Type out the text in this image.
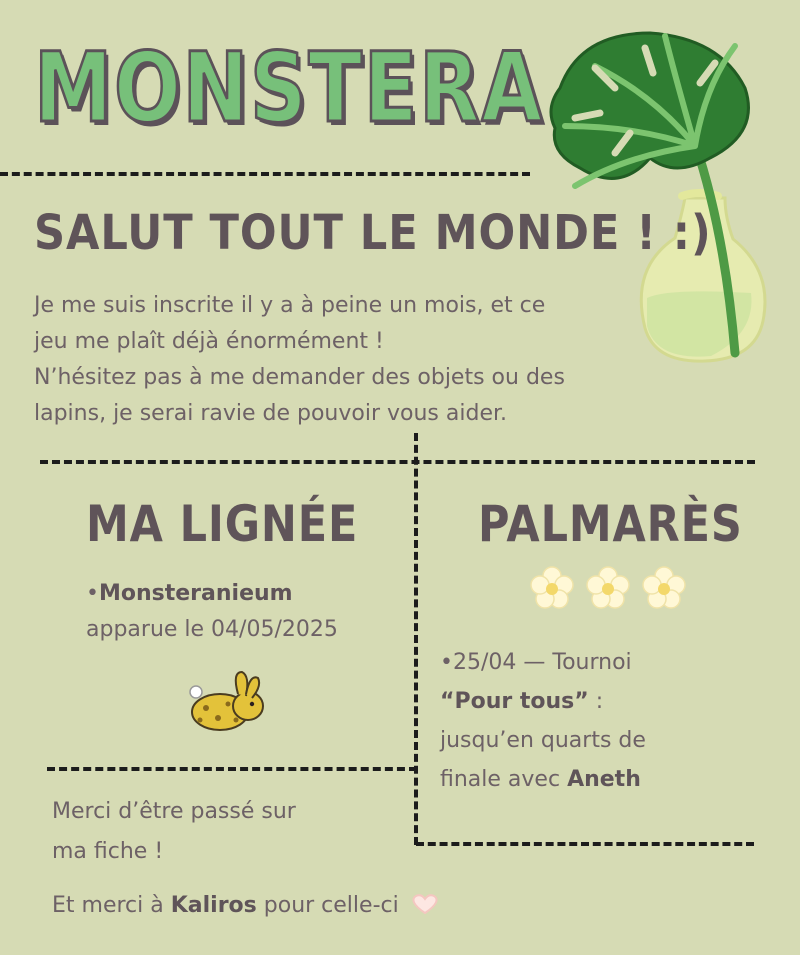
MONSTERA
SALUT TOUT LE MONDE ! :)
Je me suis inscrite il y a à peine un mois, et ce
jeu me plaît déjà énormément !
N’hésitez pas à me demander des objets ou des
lapins, je serai ravie de pouvoir vous aider.
MA LIGNÉE
•Monsteranieum
apparue le 04/05/2025
PALMARÈS
•25/04 — Tournoi
“Pour tous” :
jusqu’en quarts de
finale avec Aneth
Merci d’être passé sur
ma fiche !
Et merci à Kaliros pour celle-ci
